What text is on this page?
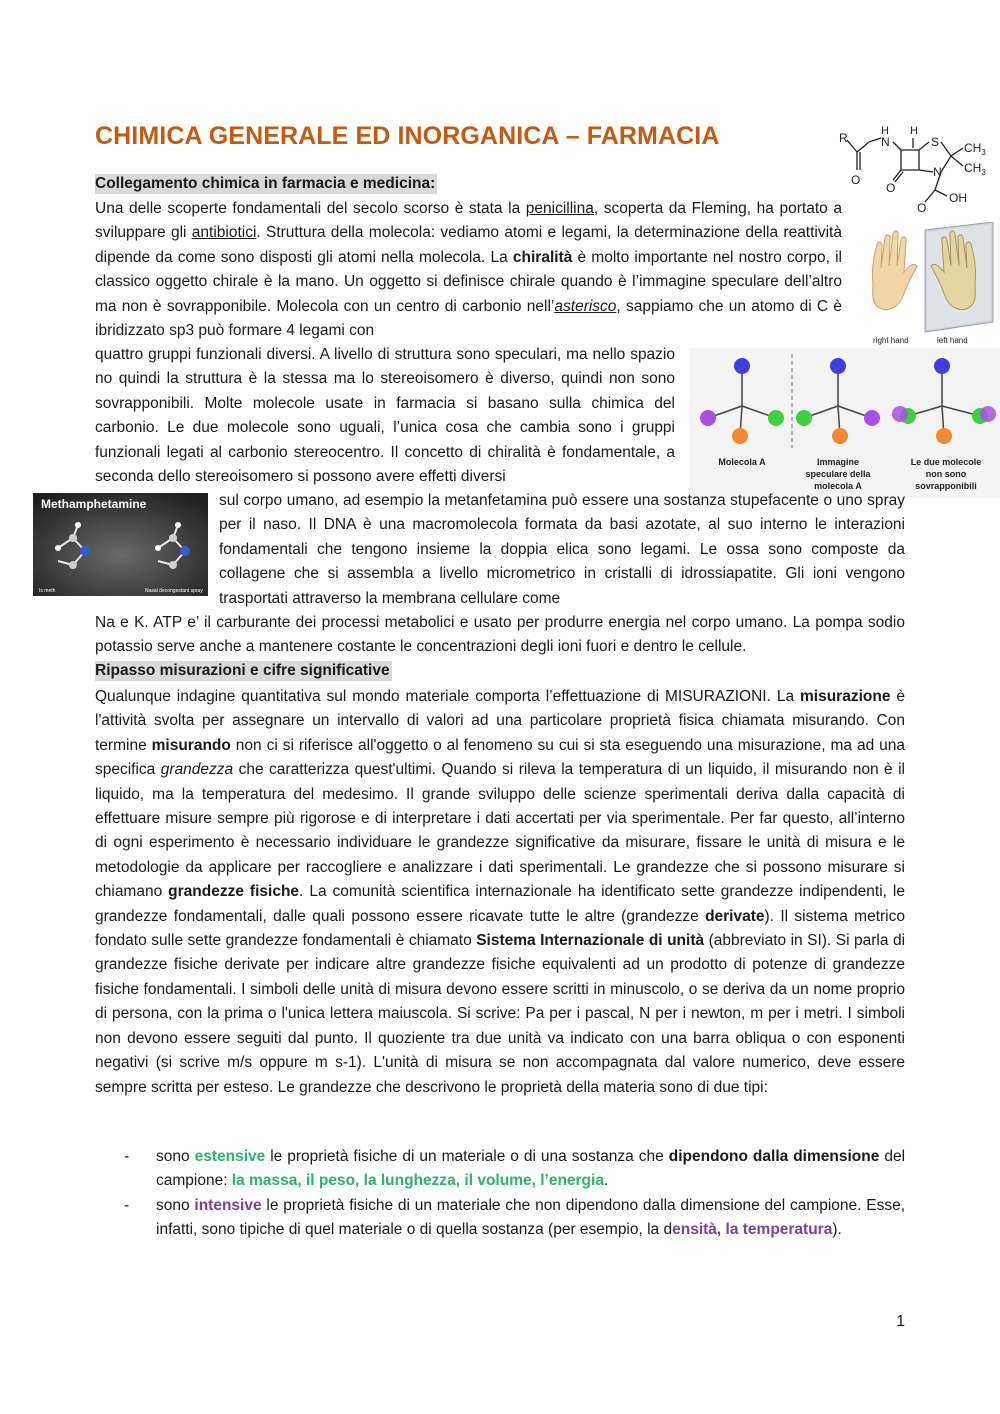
CHIMICA GENERALE ED INORGANICA – FARMACIA	R	H
N
H
S
N
$CH_3$
$CH_3$
O
O
O
OH
right hand	left hand
Molecola A	Immagine
speculare della
molecola A
Le due molecole
non sono
sovrapponibili
Methamphetamine
Is meth	Nasal decongestant spray
Collegamento chimica in farmacia e medicina:

Una delle scoperte fondamentali del secolo scorso è stata la penicillina, scoperta da Fleming, ha portato a sviluppare gli antibiotici. Struttura della molecola: vediamo atomi e legami, la determinazione della reattività dipende da come sono disposti gli atomi nella molecola. La chiralità è molto importante nel nostro corpo, il classico oggetto chirale è la mano. Un oggetto si definisce chirale quando è l’immagine speculare dell’altro ma non è sovrapponibile. Molecola con un centro di carbonio nell’asterisco, sappiamo che un atomo di C è ibridizzato sp3 può formare 4 legami con

quattro gruppi funzionali diversi. A livello di struttura sono speculari, ma nello spazio no quindi la struttura è la stessa ma lo stereoisomero è diverso, quindi non sono sovrapponibili. Molte molecole usate in farmacia si basano sulla chimica del carbonio. Le due molecole sono uguali, l’unica cosa che cambia sono i gruppi funzionali legati al carbonio stereocentro. Il concetto di chiralità è fondamentale, a seconda dello stereoisomero si possono avere effetti diversi

sul corpo umano, ad esempio la metanfetamina può essere una sostanza stupefacente o uno spray per il naso. Il DNA è una macromolecola formata da basi azotate, al suo interno le interazioni fondamentali che tengono insieme la doppia elica sono legami. Le ossa sono composte da collagene che si assembla a livello micrometrico in cristalli di idrossiapatite. Gli ioni vengono trasportati attraverso la membrana cellulare come

Na e K. ATP e’ il carburante dei processi metabolici e usato per produrre energia nel corpo umano. La pompa sodio potassio serve anche a mantenere costante le concentrazioni degli ioni fuori e dentro le cellule.

Ripasso misurazioni e cifre significative

Qualunque indagine quantitativa sul mondo materiale comporta l’effettuazione di MISURAZIONI. La misurazione è l'attività svolta per assegnare un intervallo di valori ad una particolare proprietà fisica chiamata misurando. Con termine misurando non ci si riferisce all'oggetto o al fenomeno su cui si sta eseguendo una misurazione, ma ad una specifica grandezza che caratterizza quest'ultimi. Quando si rileva la temperatura di un liquido, il misurando non è il liquido, ma la temperatura del medesimo. Il grande sviluppo delle scienze sperimentali deriva dalla capacità di effettuare misure sempre più rigorose e di interpretare i dati accertati per via sperimentale. Per far questo, all’interno di ogni esperimento è necessario individuare le grandezze significative da misurare, fissare le unità di misura e le metodologie da applicare per raccogliere e analizzare i dati sperimentali. Le grandezze che si possono misurare si chiamano grandezze fisiche. La comunità scientifica internazionale ha identificato sette grandezze indipendenti, le grandezze fondamentali, dalle quali possono essere ricavate tutte le altre (grandezze derivate). Il sistema metrico fondato sulle sette grandezze fondamentali è chiamato Sistema Internazionale di unità (abbreviato in SI). Si parla di grandezze fisiche derivate per indicare altre grandezze fisiche equivalenti ad un prodotto di potenze di grandezze fisiche fondamentali. I simboli delle unità di misura devono essere scritti in minuscolo, o se deriva da un nome proprio di persona, con la prima o l'unica lettera maiuscola. Si scrive: Pa per i pascal, N per i newton, m per i metri. I simboli non devono essere seguiti dal punto. Il quoziente tra due unità va indicato con una barra obliqua o con esponenti negativi (si scrive m/s oppure m s-1). L'unità di misura se non accompagnata dal valore numerico, deve essere sempre scritta per esteso. Le grandezze che descrivono le proprietà della materia sono di due tipi:

- sono estensive le proprietà fisiche di un materiale o di una sostanza che dipendono dalla dimensione del campione: la massa, il peso, la lunghezza, il volume, l’energia.
- sono intensive le proprietà fisiche di un materiale che non dipendono dalla dimensione del campione. Esse, infatti, sono tipiche di quel materiale o di quella sostanza (per esempio, la densità, la temperatura).
1
